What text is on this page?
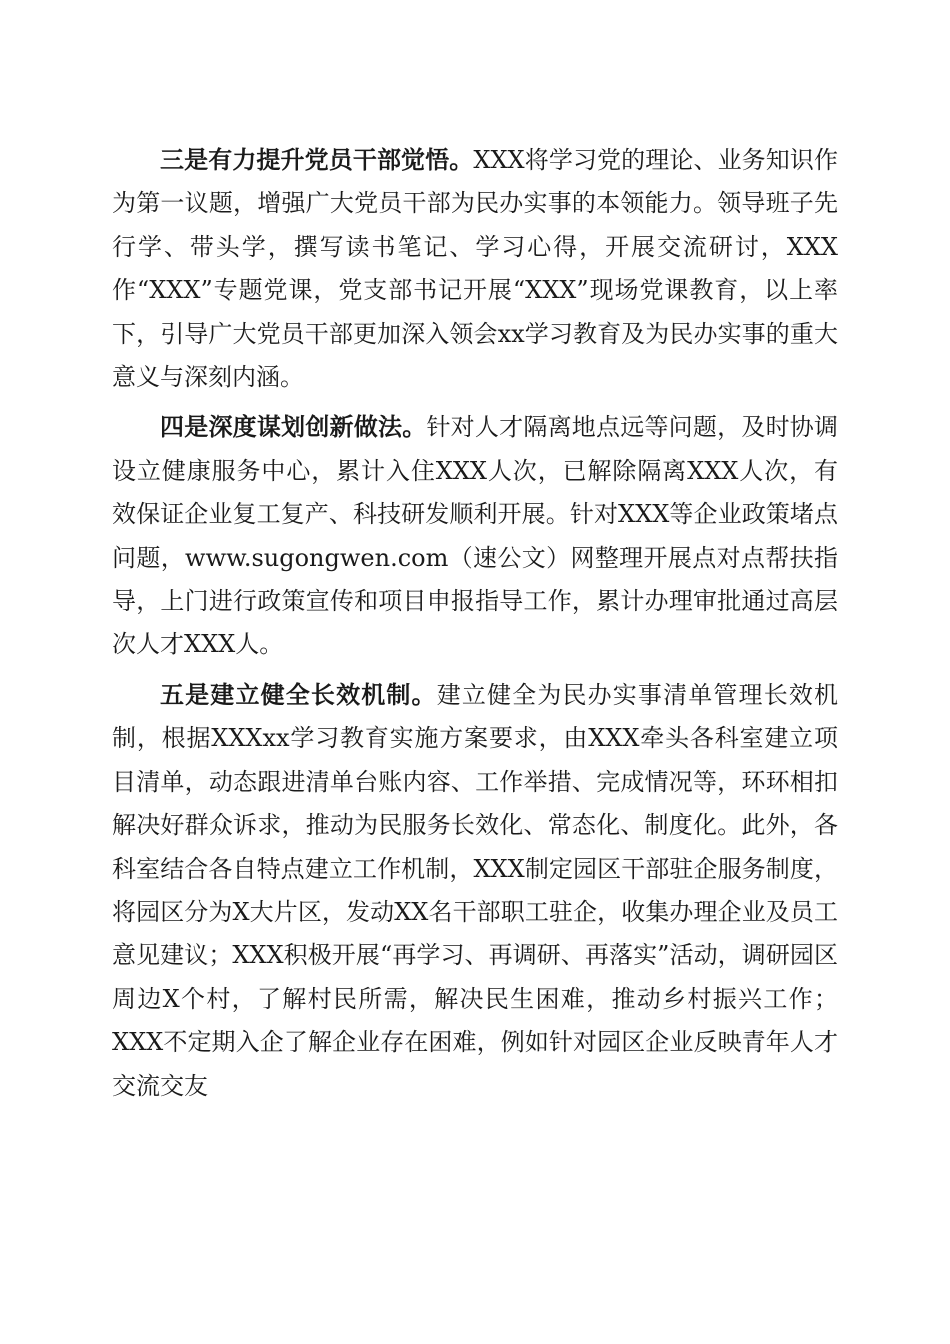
三是有力提升党员干部觉悟。XXX将学习党的理论、业务知识作为第一议题，增强广大党员干部为民办实事的本领能力。领导班子先行学、带头学，撰写读书笔记、学习心得，开展交流研讨，XXX作“XXX”专题党课，党支部书记开展“XXX”现场党课教育，以上率下，引导广大党员干部更加深入领会xx学习教育及为民办实事的重大意义与深刻内涵。

四是深度谋划创新做法。针对人才隔离地点远等问题，及时协调设立健康服务中心，累计入住XXX人次，已解除隔离XXX人次，有效保证企业复工复产、科技研发顺利开展。针对XXX等企业政策堵点问题，www.sugongwen.com（速公文）网整理开展点对点帮扶指导，上门进行政策宣传和项目申报指导工作，累计办理审批通过高层次人才XXX人。

五是建立健全长效机制。建立健全为民办实事清单管理长效机制，根据XXXxx学习教育实施方案要求，由XXX牵头各科室建立项目清单，动态跟进清单台账内容、工作举措、完成情况等，环环相扣解决好群众诉求，推动为民服务长效化、常态化、制度化。此外，各科室结合各自特点建立工作机制，XXX制定园区干部驻企服务制度，将园区分为X大片区，发动XX名干部职工驻企，收集办理企业及员工意见建议；XXX积极开展“再学习、再调研、再落实”活动，调研园区周边X个村，了解村民所需，解决民生困难，推动乡村振兴工作；XXX不定期入企了解企业存在困难，例如针对园区企业反映青年人才交流交友
